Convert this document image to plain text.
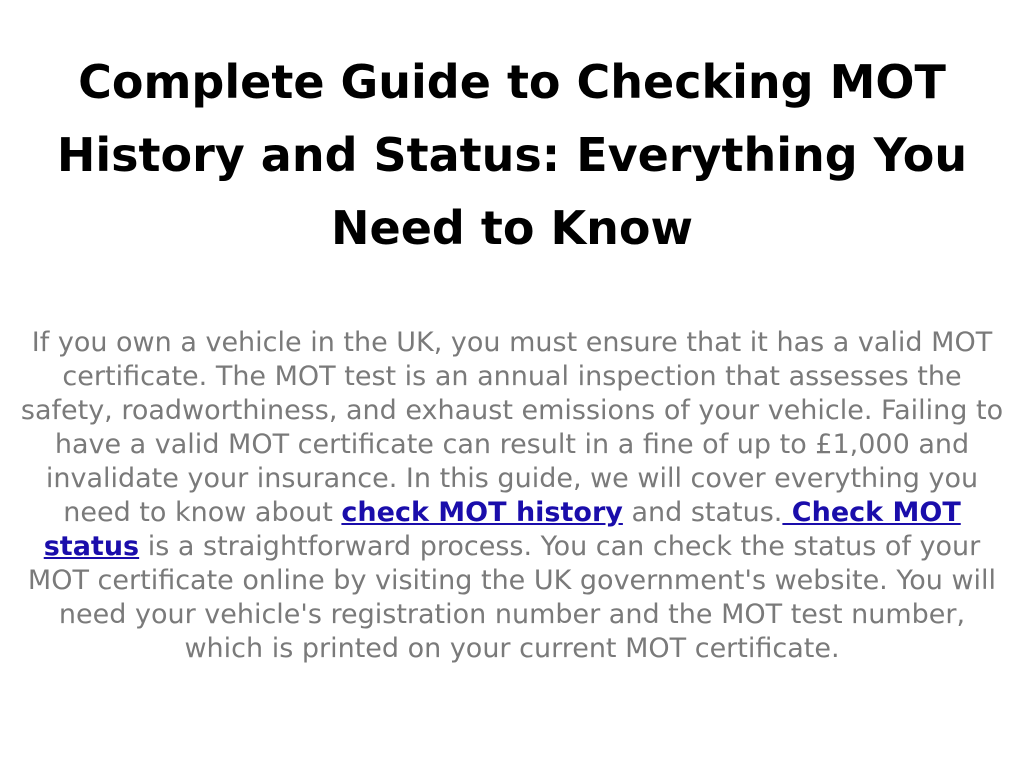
Complete Guide to Checking MOT History and Status: Everything You Need to Know

If you own a vehicle in the UK, you must ensure that it has a valid MOT certificate. The MOT test is an annual inspection that assesses the safety, roadworthiness, and exhaust emissions of your vehicle. Failing to have a valid MOT certificate can result in a fine of up to £1,000 and invalidate your insurance. In this guide, we will cover everything you need to know about check MOT history and status. Check MOT status is a straightforward process. You can check the status of your MOT certificate online by visiting the UK government's website. You will need your vehicle's registration number and the MOT test number, which is printed on your current MOT certificate.
